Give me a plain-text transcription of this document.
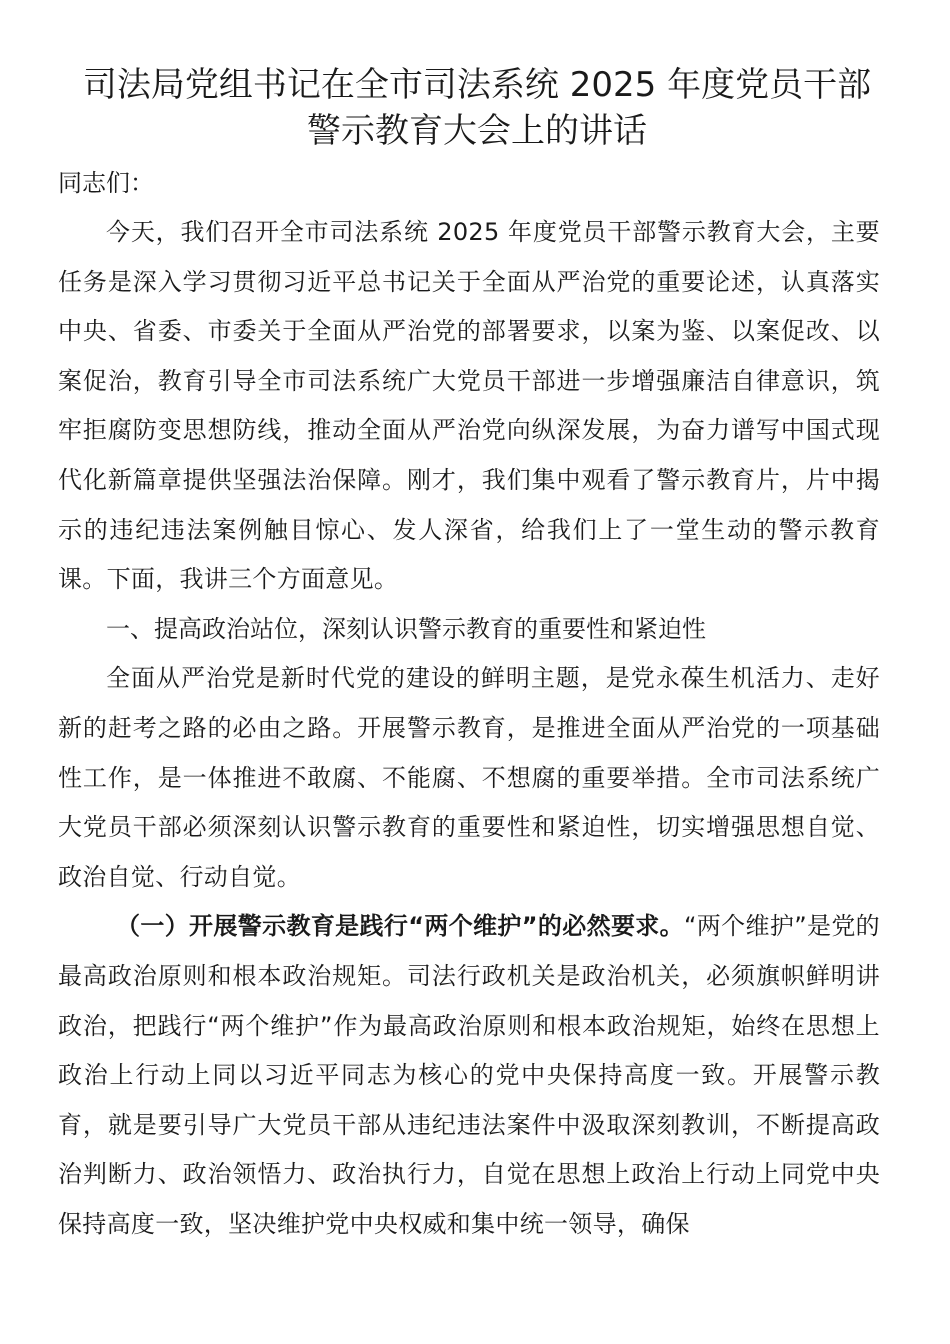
司法局党组书记在全市司法系统 2025 年度党员干部
警示教育大会上的讲话

同志们：

今天，我们召开全市司法系统 2025 年度党员干部警示教育大会，主要任务是深入学习贯彻习近平总书记关于全面从严治党的重要论述，认真落实中央、省委、市委关于全面从严治党的部署要求，以案为鉴、以案促改、以案促治，教育引导全市司法系统广大党员干部进一步增强廉洁自律意识，筑牢拒腐防变思想防线，推动全面从严治党向纵深发展，为奋力谱写中国式现代化新篇章提供坚强法治保障。刚才，我们集中观看了警示教育片，片中揭示的违纪违法案例触目惊心、发人深省，给我们上了一堂生动的警示教育课。下面，我讲三个方面意见。

一、提高政治站位，深刻认识警示教育的重要性和紧迫性

全面从严治党是新时代党的建设的鲜明主题，是党永葆生机活力、走好新的赶考之路的必由之路。开展警示教育，是推进全面从严治党的一项基础性工作，是一体推进不敢腐、不能腐、不想腐的重要举措。全市司法系统广大党员干部必须深刻认识警示教育的重要性和紧迫性，切实增强思想自觉、政治自觉、行动自觉。

（一）开展警示教育是践行“两个维护”的必然要求。“两个维护”是党的最高政治原则和根本政治规矩。司法行政机关是政治机关，必须旗帜鲜明讲政治，把践行“两个维护”作为最高政治原则和根本政治规矩，始终在思想上政治上行动上同以习近平同志为核心的党中央保持高度一致。开展警示教育，就是要引导广大党员干部从违纪违法案件中汲取深刻教训，不断提高政治判断力、政治领悟力、政治执行力，自觉在思想上政治上行动上同党中央保持高度一致，坚决维护党中央权威和集中统一领导，确保
